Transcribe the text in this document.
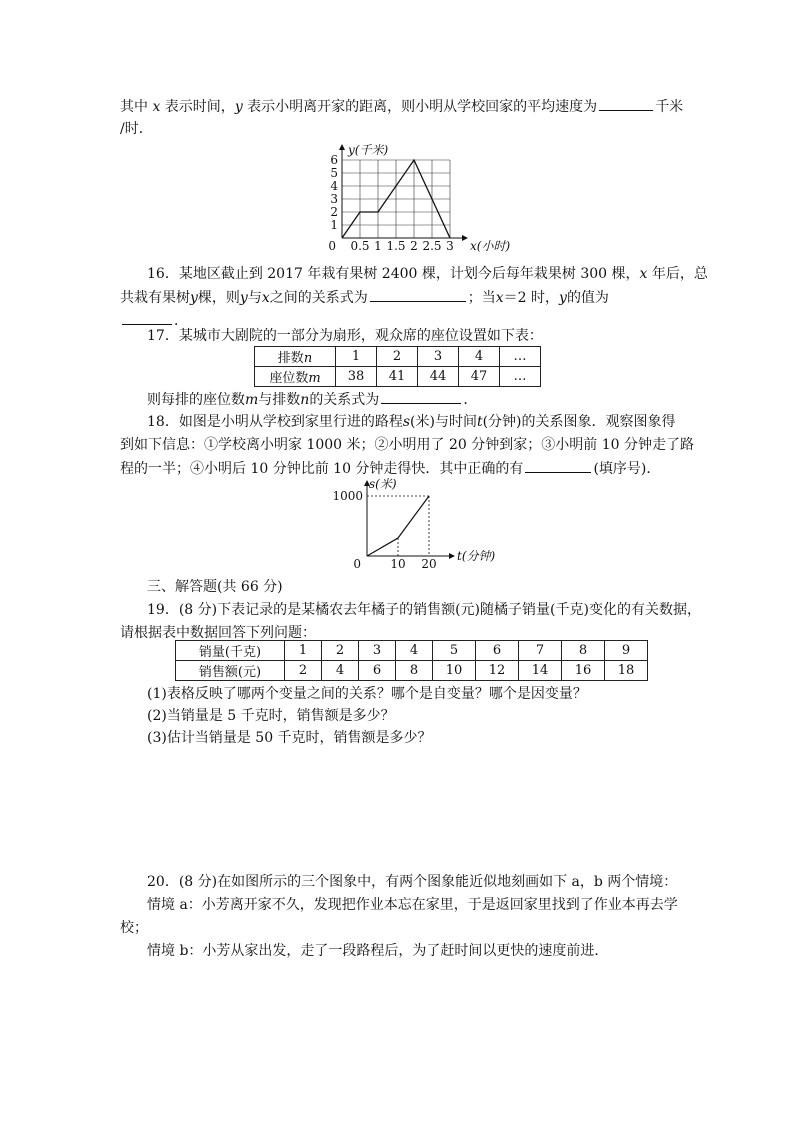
其中 x 表示时间，y 表示小明离开家的距离，则小明从学校回家的平均速度为	千米
/时．
0.5 1 1.5 2 2.5 3
1
2
3
4
5
6
0	x(小时)
y(千米)
16．某地区截止到 2017 年栽有果树 2400 棵，计划今后每年栽果树 300 棵，x 年后，总
共栽有果树y棵，则y与x之间的关系式为	；当x＝2 时，y的值为
．
17．某城市大剧院的一部分为扇形，观众席的座位设置如下表：
排数n	1	2	3	4	…
座位数m	38	41	44	47	…
则每排的座位数m与排数n的关系式为	．
18．如图是小明从学校到家里行进的路程s(米)与时间t(分钟)的关系图象．观察图象得
到如下信息：①学校离小明家 1000 米；②小明用了 20 分钟到家；③小明前 10 分钟走了路
程的一半；④小明后 10 分钟比前 10 分钟走得快．其中正确的有	(填序号)．
10 20
1000
0
t(分钟)
s(米)
三、解答题(共 66 分)
19．(8 分)下表记录的是某橘农去年橘子的销售额(元)随橘子销量(千克)变化的有关数据，
请根据表中数据回答下列问题：
销量(千克)	1	2	3	4	5	6	7	8	9
销售额(元)	2	4	6	8	10	12	14	16	18
(1)表格反映了哪两个变量之间的关系？哪个是自变量？哪个是因变量？
(2)当销量是 5 千克时，销售额是多少？
(3)估计当销量是 50 千克时，销售额是多少？
20．(8 分)在如图所示的三个图象中，有两个图象能近似地刻画如下 a，b 两个情境：
情境 a：小芳离开家不久，发现把作业本忘在家里，于是返回家里找到了作业本再去学
校；
情境 b：小芳从家出发，走了一段路程后，为了赶时间以更快的速度前进．
